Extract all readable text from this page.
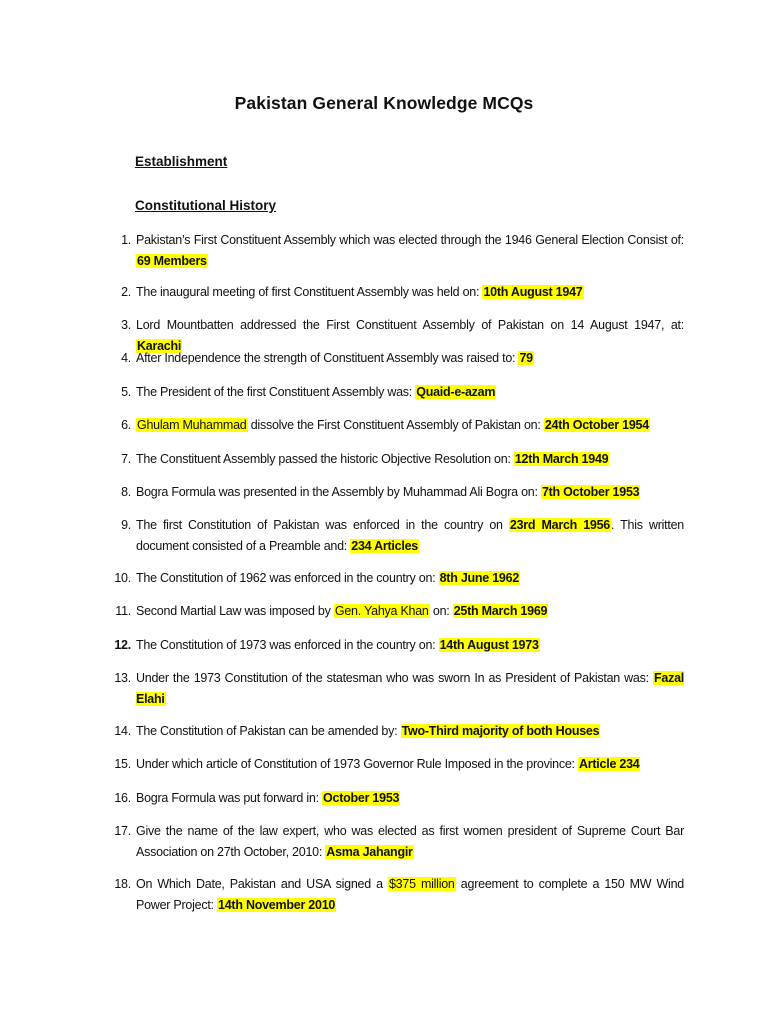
Pakistan General Knowledge MCQs
Establishment
Constitutional History
1. Pakistan’s First Constituent Assembly which was elected through the 1946 General Election Consist of: 69 Members
2. The inaugural meeting of first Constituent Assembly was held on: 10th August 1947
3. Lord Mountbatten addressed the First Constituent Assembly of Pakistan on 14 August 1947, at: Karachi
4. After Independence the strength of Constituent Assembly was raised to: 79
5. The President of the first Constituent Assembly was: Quaid-e-azam
6. Ghulam Muhammad dissolve the First Constituent Assembly of Pakistan on: 24th October 1954
7. The Constituent Assembly passed the historic Objective Resolution on: 12th March 1949
8. Bogra Formula was presented in the Assembly by Muhammad Ali Bogra on: 7th October 1953
9. The first Constitution of Pakistan was enforced in the country on 23rd March 1956. This written document consisted of a Preamble and: 234 Articles
10. The Constitution of 1962 was enforced in the country on: 8th June 1962
11. Second Martial Law was imposed by Gen. Yahya Khan on: 25th March 1969
12. The Constitution of 1973 was enforced in the country on: 14th August 1973
13. Under the 1973 Constitution of the statesman who was sworn In as President of Pakistan was: Fazal Elahi
14. The Constitution of Pakistan can be amended by: Two-Third majority of both Houses
15. Under which article of Constitution of 1973 Governor Rule Imposed in the province: Article 234
16. Bogra Formula was put forward in: October 1953
17. Give the name of the law expert, who was elected as first women president of Supreme Court Bar Association on 27th October, 2010: Asma Jahangir
18. On Which Date, Pakistan and USA signed a $375 million agreement to complete a 150 MW Wind Power Project: 14th November 2010
